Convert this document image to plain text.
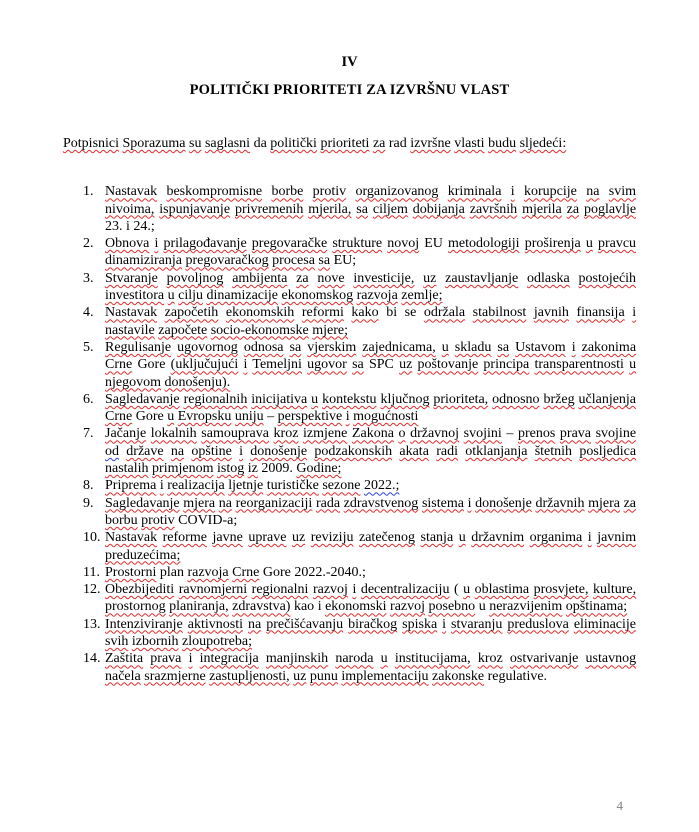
IV
POLITIČKI PRIORITETI ZA IZVRŠNU VLAST

Potpisnici Sporazuma su saglasni da politički prioriteti za rad izvršne vlasti budu sljedeći:

1. Nastavak beskompromisne borbe protiv organizovanog kriminala i korupcije na svim nivoima, ispunjavanje privremenih mjerila, sa ciljem dobijanja završnih mjerila za poglavlje 23. i 24.;
2. Obnova i prilagođavanje pregovaračke strukture novoj EU metodologiji proširenja u pravcu dinamiziranja pregovaračkog procesa sa EU;
3. Stvaranje povoljnog ambijenta za nove investicije, uz zaustavljanje odlaska postojećih investitora u cilju dinamizacije ekonomskog razvoja zemlje;
4. Nastavak započetih ekonomskih reformi kako bi se održala stabilnost javnih finansija i nastavile započete socio-ekonomske mjere;
5. Regulisanje ugovornog odnosa sa vjerskim zajednicama, u skladu sa Ustavom i zakonima Crne Gore (uključujući i Temeljni ugovor sa SPC uz poštovanje principa transparentnosti u njegovom donošenju).
6. Sagledavanje regionalnih inicijativa u kontekstu ključnog prioriteta, odnosno bržeg učlanjenja Crne Gore u Evropsku uniju – perspektive i mogućnosti
7. Jačanje lokalnih samouprava kroz izmjene Zakona o državnoj svojini – prenos prava svojine od države na opštine i donošenje podzakonskih akata radi otklanjanja štetnih posljedica nastalih primjenom istog iz 2009. Godine;
8. Priprema i realizacija ljetnje turističke sezone 2022.;
9. Sagledavanje mjera na reorganizaciji rada zdravstvenog sistema i donošenje državnih mjera za borbu protiv COVID-a;
10. Nastavak reforme javne uprave uz reviziju zatečenog stanja u državnim organima i javnim preduzećima;
11. Prostorni plan razvoja Crne Gore 2022.-2040.;
12. Obezbijediti ravnomjerni regionalni razvoj i decentralizaciju ( u oblastima prosvjete, kulture, prostornog planiranja, zdravstva) kao i ekonomski razvoj posebno u nerazvijenim opštinama;
13. Intenziviranje aktivnosti na prečišćavanju biračkog spiska i stvaranju preduslova eliminacije svih izbornih zloupotreba;
14. Zaštita prava i integracija manjinskih naroda u institucijama, kroz ostvarivanje ustavnog načela srazmjerne zastupljenosti, uz punu implementaciju zakonske regulative.
4
